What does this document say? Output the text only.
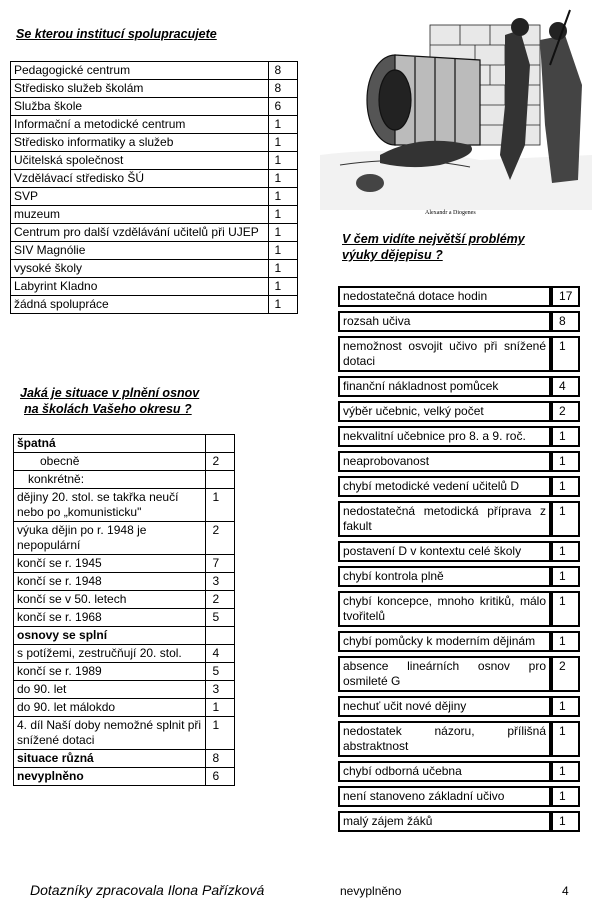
Se kterou institucí spolupracujete
Pedagogické centrum	8
Středisko služeb školám	8
Služba škole	6
Informační a metodické centrum	1
Středisko informatiky a služeb	1
Učitelská společnost	1
Vzdělávací středisko ŠÚ	1
SVP	1
muzeum	1
Centrum pro další vzdělávání učitelů při UJEP	1
SIV Magnólie	1
vysoké školy	1
Labyrint Kladno	1
žádná spolupráce	1
Jaká je situace v plnění osnov
na školách Vašeho okresu ?
špatná	
obecně	2
konkrétně:	
dějiny 20. stol. se takřka neučí nebo po „komunisticku"	1
výuka dějin po r. 1948 je nepopulární	2
končí se r. 1945	7
končí se r. 1948	3
končí se v 50. letech	2
končí se r. 1968	5
osnovy se splní	
s potížemi, zestručňují 20. stol.	4
končí se r. 1989	5
do 90. let	3
do 90. let málokdo	1
4. díl Naší doby nemožné splnit při snížené dotaci	1
situace různá	8
nevyplněno	6
Alexandr a Diogenes
V čem vidíte největší problémy
výuky dějepisu ?
nedostatečná dotace hodin	17
rozsah učiva	8
nemožnost osvojit učivo při snížené dotaci	1
finanční nákladnost pomůcek	4
výběr učebnic, velký počet	2
nekvalitní učebnice pro 8. a 9. roč.	1
neaprobovanost	1
chybí metodické vedení učitelů D	1
nedostatečná metodická příprava z fakult	1
postavení D v kontextu celé školy	1
chybí kontrola plně	1
chybí koncepce, mnoho kritiků, málo tvořitelů	1
chybí pomůcky k moderním dějinám	1
absence lineárních osnov pro osmileté G	2
nechuť učit nové dějiny	1
nedostatek názoru, přílišná abstraktnost	1
chybí odborná učebna	1
není stanoveno základní učivo	1
malý zájem žáků	1
nevyplněno	4
Dotazníky zpracovala Ilona Pařízková
